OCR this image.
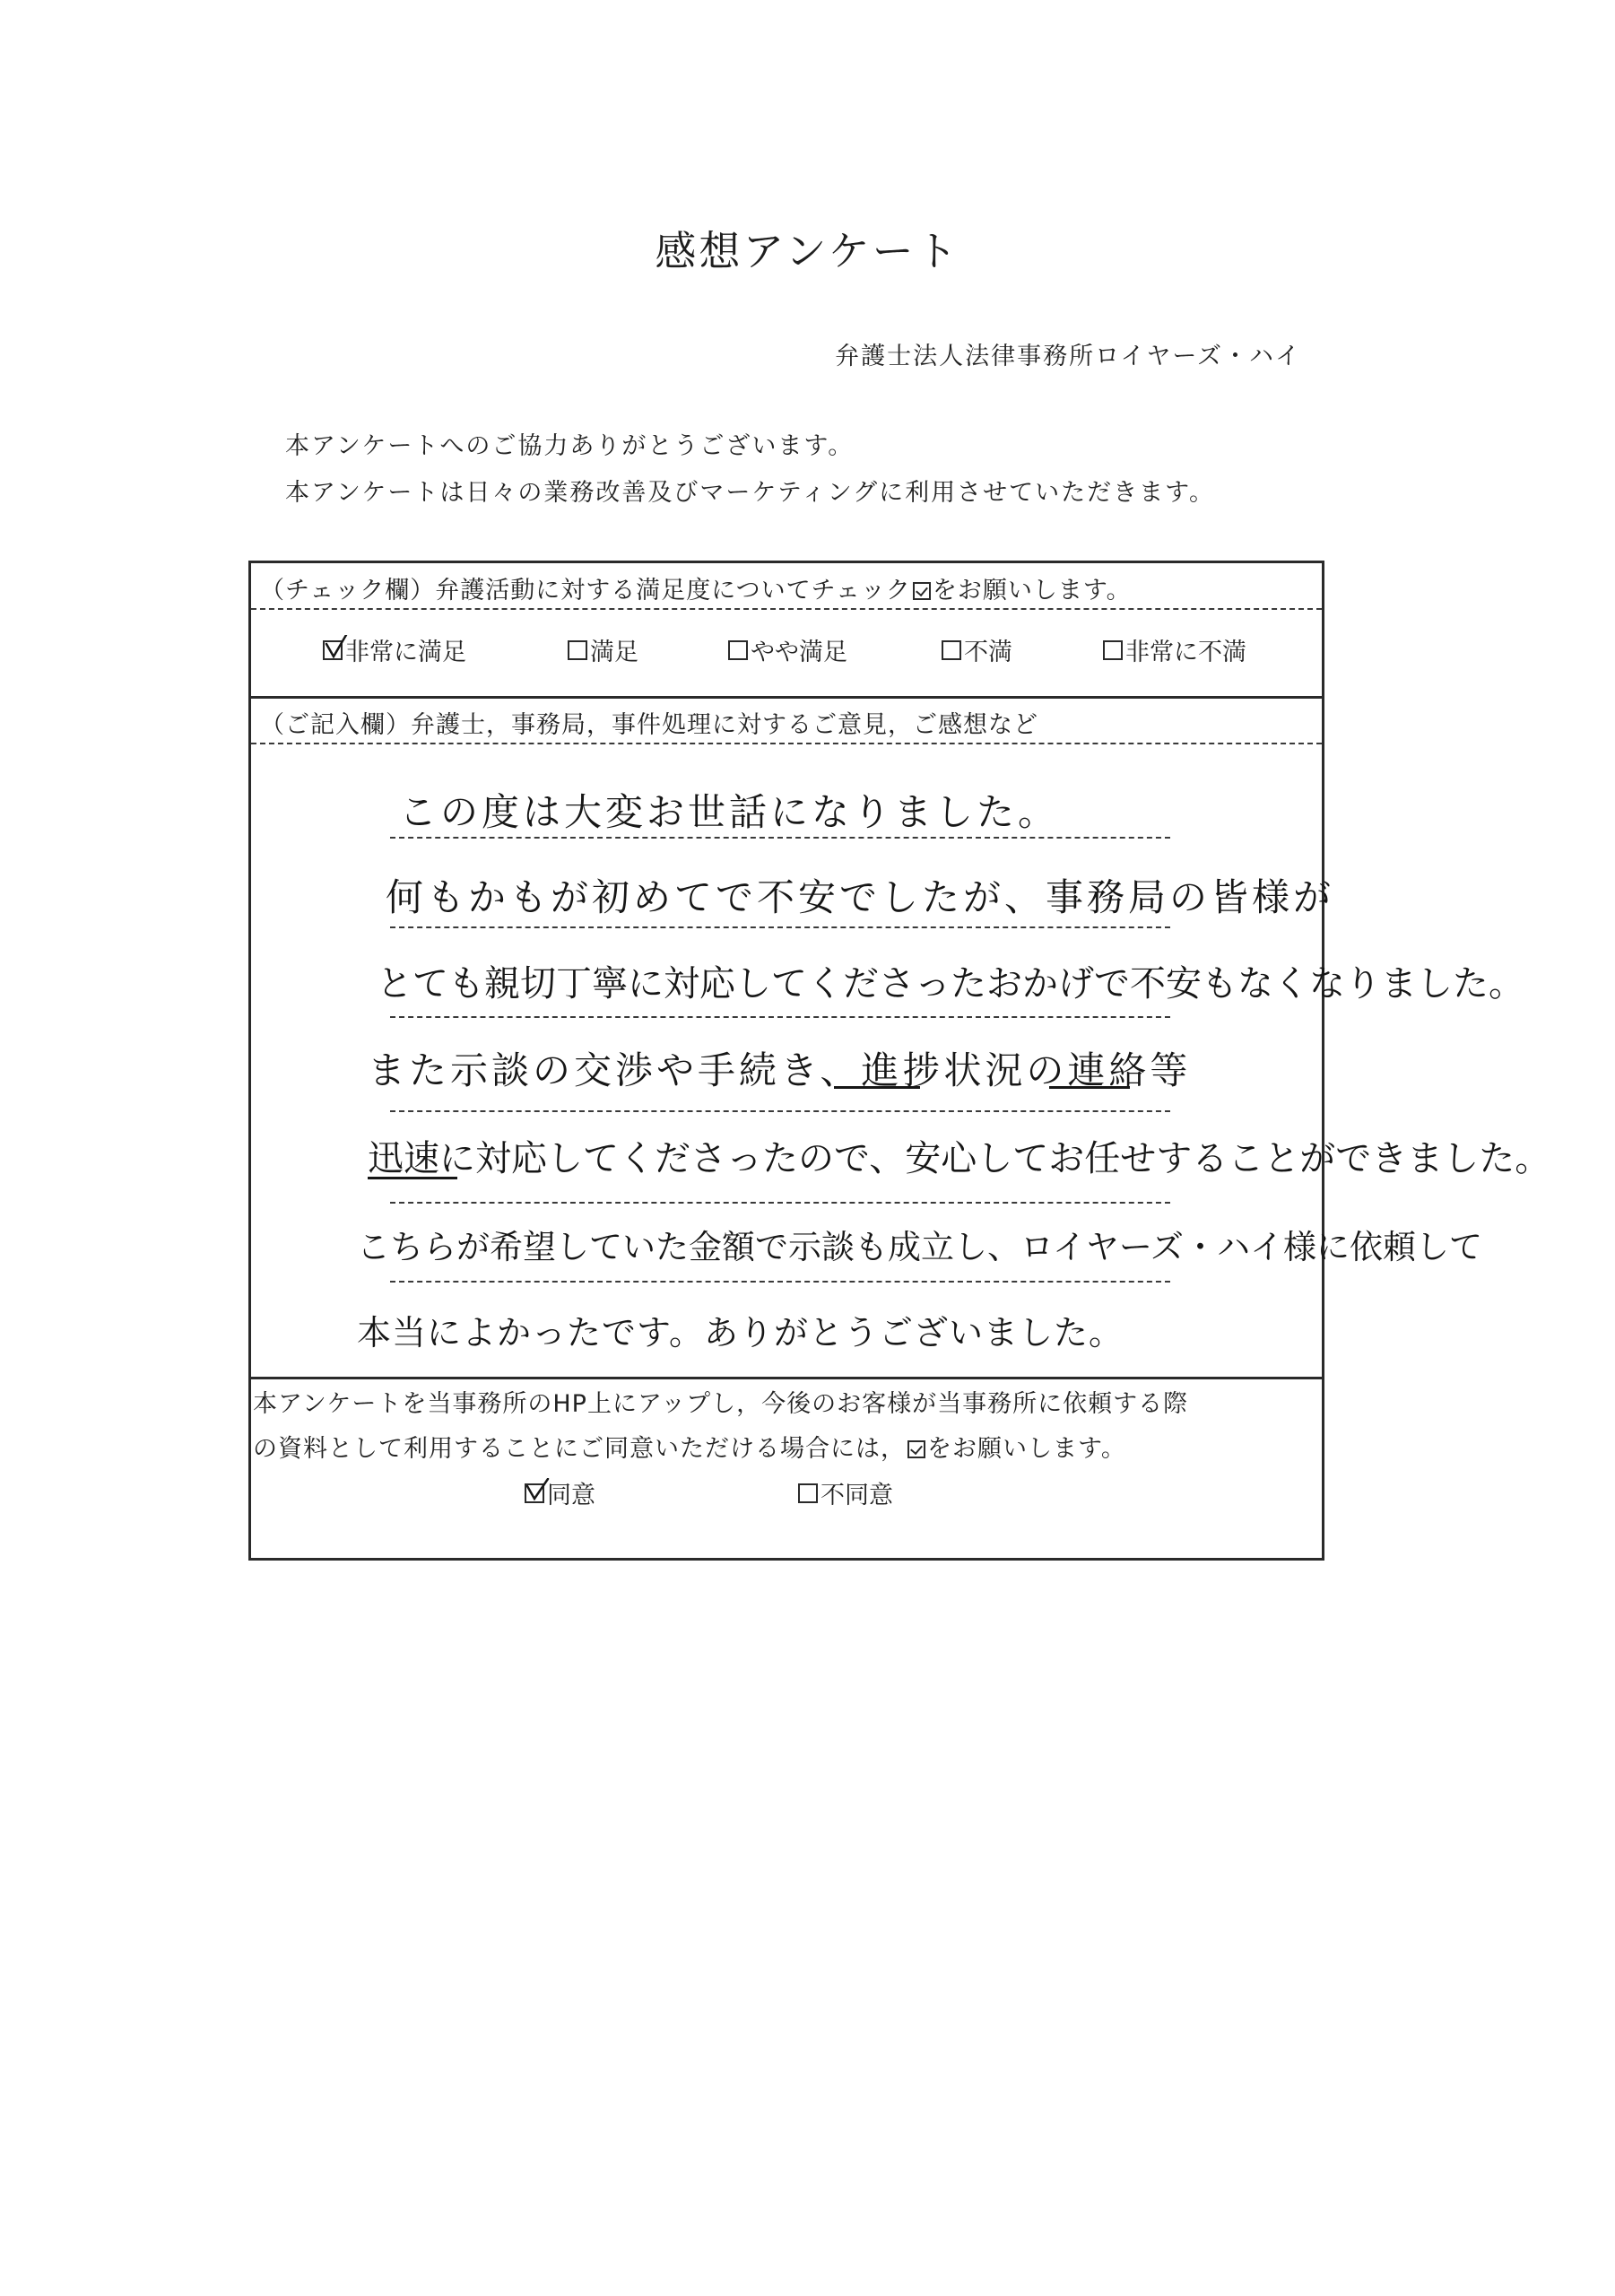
感想アンケート
弁護士法人法律事務所ロイヤーズ・ハイ
本アンケートへのご協力ありがとうございます。
本アンケートは日々の業務改善及びマーケティングに利用させていただきます。
（チェック欄）弁護活動に対する満足度についてチェック をお願いします。
非常に満足	満足	やや満足	不満	非常に不満
（ご記入欄）弁護士，事務局，事件処理に対するご意見，ご感想など
この度は大変お世話になりました。
何もかもが初めてで不安でしたが、事務局の皆様が
とても親切丁寧に対応してくださったおかげで不安もなくなりました。
また示談の交渉や手続き、進捗状況の連絡等
迅速に対応してくださったので、安心してお任せすることができました。
こちらが希望していた金額で示談も成立し、ロイヤーズ・ハイ様に依頼して
本当によかったです。ありがとうございました。
本アンケートを当事務所のHP上にアップし，今後のお客様が当事務所に依頼する際
の資料として利用することにご同意いただける場合には， をお願いします。
同意	不同意
